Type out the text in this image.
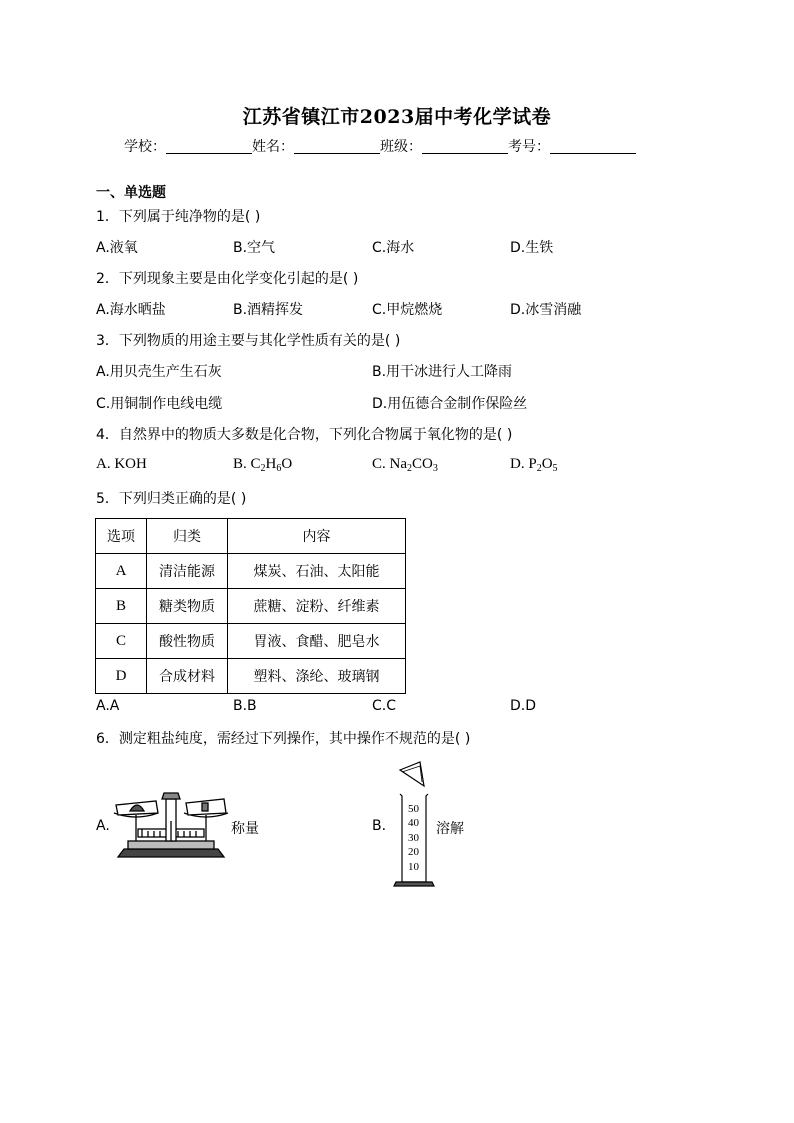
江苏省镇江市2023届中考化学试卷
学校：	姓名：	班级：	考号：
一、单选题
1．下列属于纯净物的是( )
A.液氧	B.空气	C.海水	D.生铁
2．下列现象主要是由化学变化引起的是( )
A.海水晒盐	B.酒精挥发	C.甲烷燃烧	D.冰雪消融
3．下列物质的用途主要与其化学性质有关的是( )
A.用贝壳生产生石灰	B.用干冰进行人工降雨
C.用铜制作电线电缆	D.用伍德合金制作保险丝
4．自然界中的物质大多数是化合物，下列化合物属于氧化物的是( )
A. KOH	B. $C_2H_6O$	C. $Na_2CO_3$	D. $P_2O_5$
5．下列归类正确的是( )
选项	归类	内容
A	清洁能源	煤炭、石油、太阳能
B	糖类物质	蔗糖、淀粉、纤维素
C	酸性物质	胃液、食醋、肥皂水
D	合成材料	塑料、涤纶、玻璃钢
A.A	B.B	C.C	D.D
6．测定粗盐纯度，需经过下列操作，其中操作不规范的是( )
A.	称量	B.
50
40
30
20
10
溶解
